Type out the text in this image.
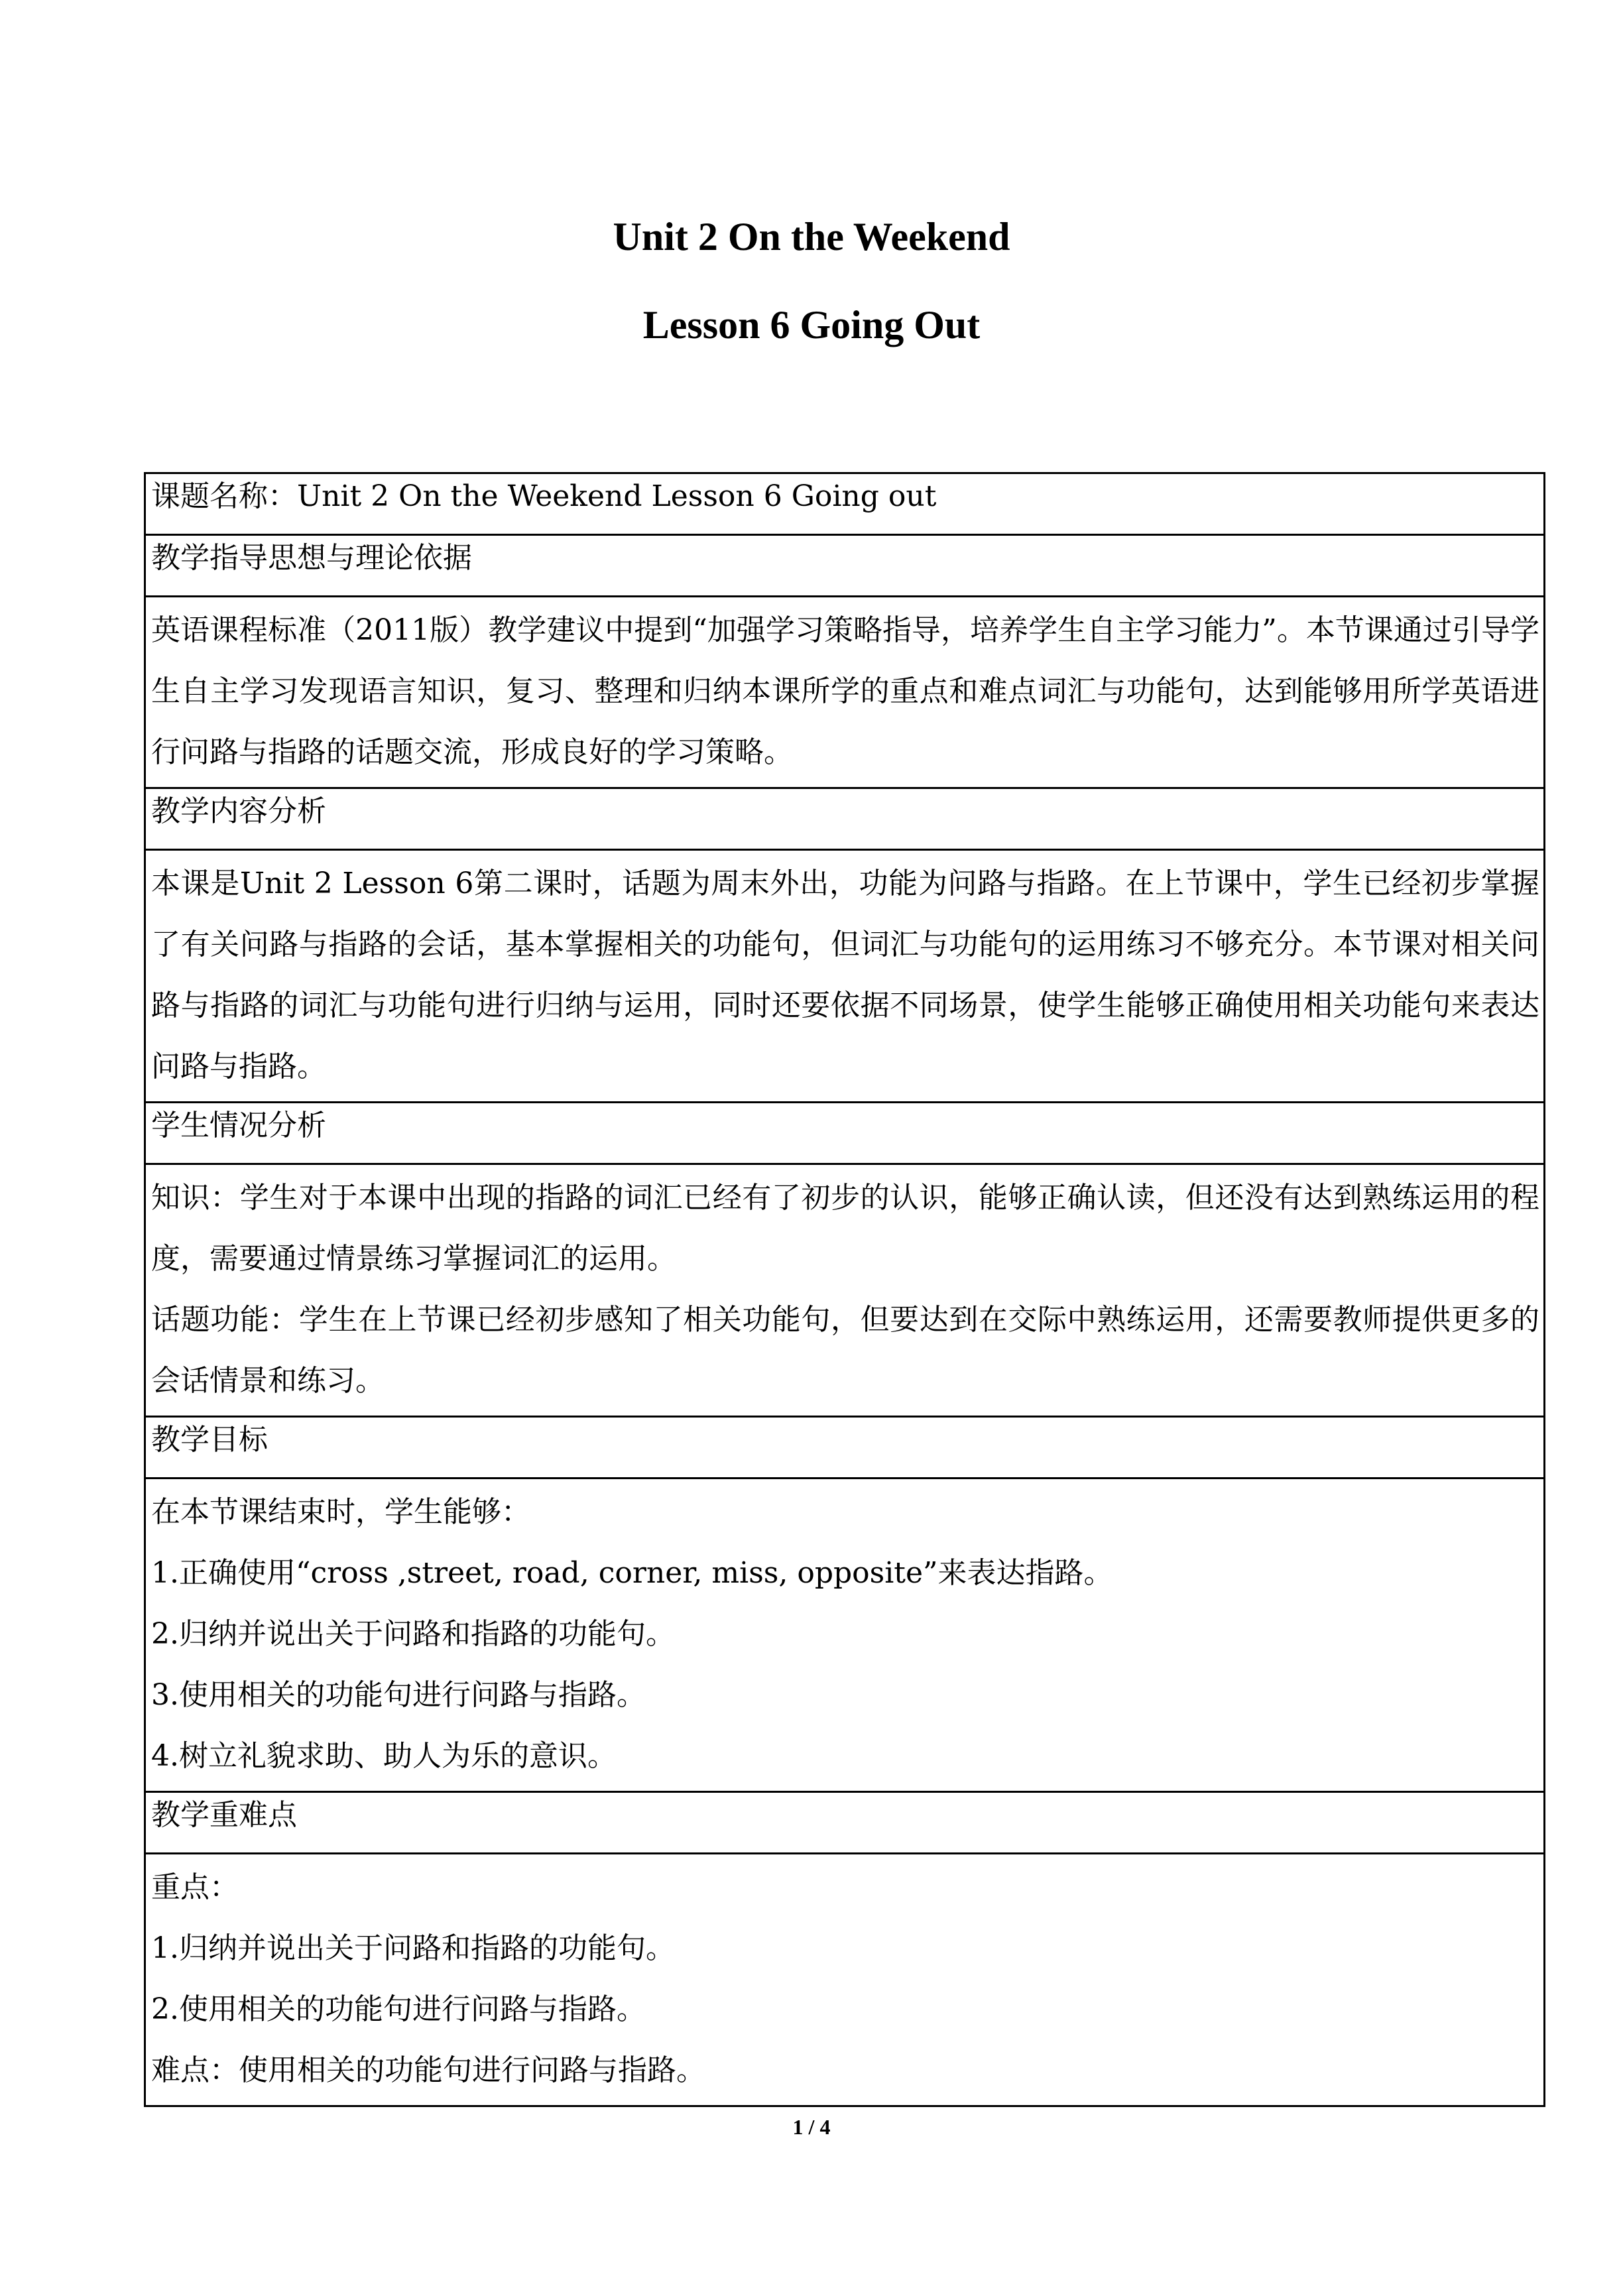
Unit 2 On the Weekend
Lesson 6 Going Out
课题名称：Unit 2 On the Weekend Lesson 6 Going out
教学指导思想与理论依据

英语课程标准（2011版）教学建议中提到“加强学习策略指导，培养学生自主学习能力”。本节课通过引导学生自主学习发现语言知识，复习、整理和归纳本课所学的重点和难点词汇与功能句，达到能够用所学英语进行问路与指路的话题交流，形成良好的学习策略。

教学内容分析

本课是Unit 2 Lesson 6第二课时，话题为周末外出，功能为问路与指路。在上节课中，学生已经初步掌握了有关问路与指路的会话，基本掌握相关的功能句，但词汇与功能句的运用练习不够充分。本节课对相关问路与指路的词汇与功能句进行归纳与运用，同时还要依据不同场景，使学生能够正确使用相关功能句来表达问路与指路。

学生情况分析

知识：学生对于本课中出现的指路的词汇已经有了初步的认识，能够正确认读，但还没有达到熟练运用的程度，需要通过情景练习掌握词汇的运用。

话题功能：学生在上节课已经初步感知了相关功能句，但要达到在交际中熟练运用，还需要教师提供更多的会话情景和练习。

教学目标

在本节课结束时，学生能够：

1.正确使用“cross ,street, road, corner, miss, opposite”来表达指路。

2.归纳并说出关于问路和指路的功能句。

3.使用相关的功能句进行问路与指路。

4.树立礼貌求助、助人为乐的意识。

教学重难点

重点：

1.归纳并说出关于问路和指路的功能句。

2.使用相关的功能句进行问路与指路。

难点：使用相关的功能句进行问路与指路。

1 / 4
